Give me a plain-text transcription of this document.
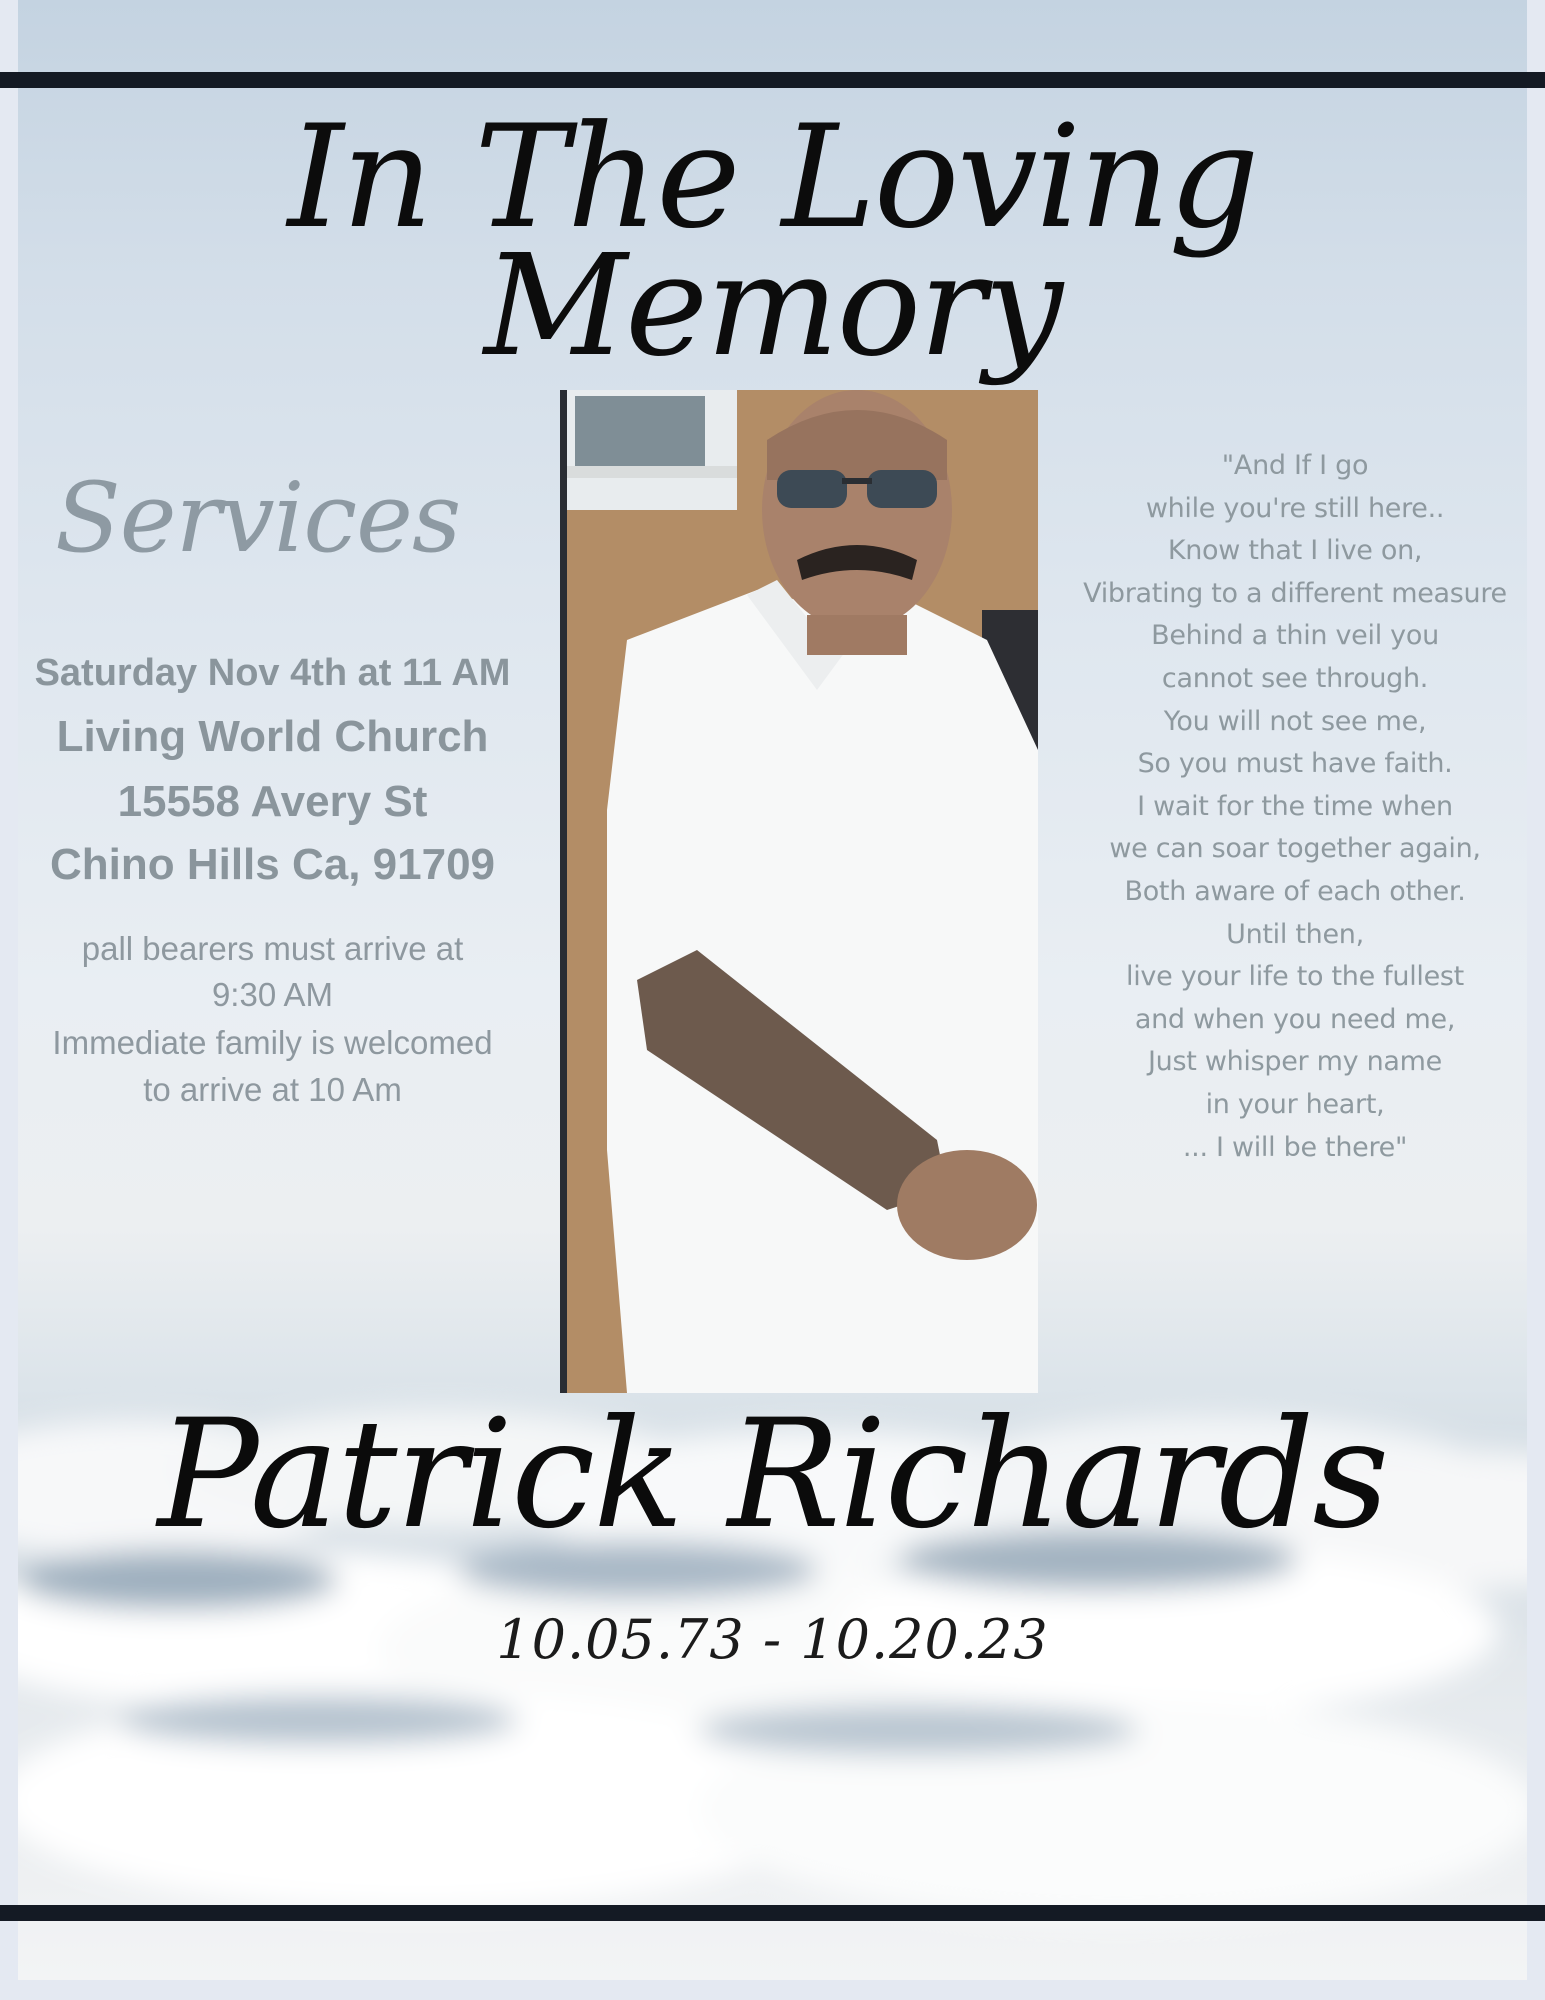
In The Loving
Memory
Services

Saturday Nov 4th at 11 AM

Living World Church

15558 Avery St

Chino Hills Ca, 91709

pall bearers must arrive at

9:30 AM

Immediate family is welcomed

to arrive at 10 Am

"And If I go
while you're still here..
Know that I live on,
Vibrating to a different measure
Behind a thin veil you
cannot see through.
You will not see me,
So you must have faith.
I wait for the time when
we can soar together again,
Both aware of each other.
Until then,
live your life to the fullest
and when you need me,
Just whisper my name
in your heart,
... I will be there"
Patrick Richards

10.05.73 - 10.20.23
